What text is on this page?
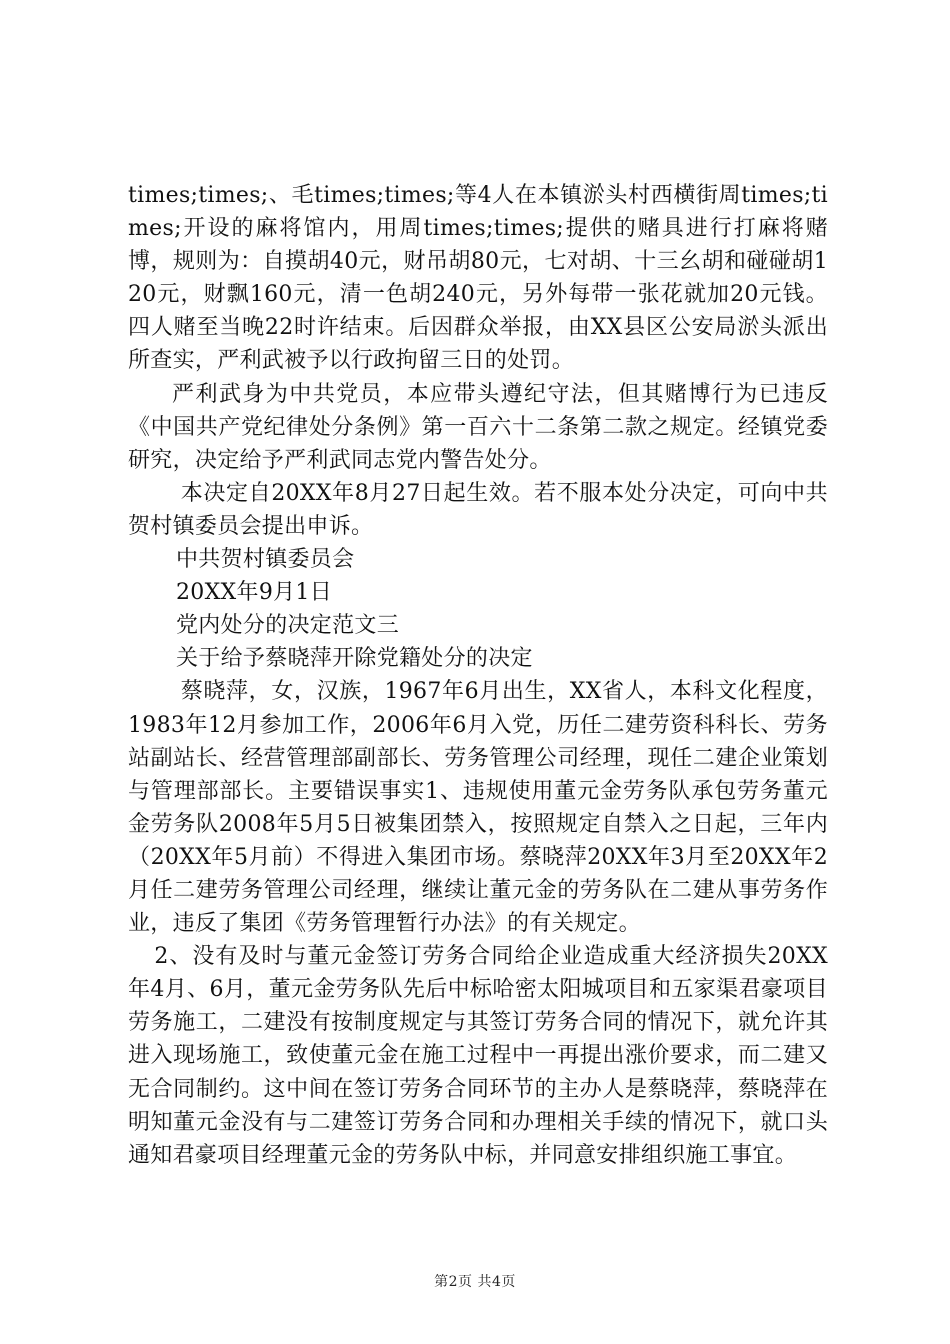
times;times;、毛times;times;等4人在本镇淤头村西横街周times;times;开设的麻将馆内，用周times;times;提供的赌具进行打麻将赌博，规则为：自摸胡40元，财吊胡80元，七对胡、十三幺胡和碰碰胡120元，财飘160元，清一色胡240元，另外每带一张花就加20元钱。四人赌至当晚22时许结束。后因群众举报，由XX县区公安局淤头派出所查实，严利武被予以行政拘留三日的处罚。

严利武身为中共党员，本应带头遵纪守法，但其赌博行为已违反《中国共产党纪律处分条例》第一百六十二条第二款之规定。经镇党委研究，决定给予严利武同志党内警告处分。

本决定自20XX年8月27日起生效。若不服本处分决定，可向中共贺村镇委员会提出申诉。

中共贺村镇委员会

20XX年9月1日

党内处分的决定范文三

关于给予蔡晓萍开除党籍处分的决定

蔡晓萍，女，汉族，1967年6月出生，XX省人，本科文化程度，1983年12月参加工作，2006年6月入党，历任二建劳资科科长、劳务站副站长、经营管理部副部长、劳务管理公司经理，现任二建企业策划与管理部部长。主要错误事实1、违规使用董元金劳务队承包劳务董元金劳务队2008年5月5日被集团禁入，按照规定自禁入之日起，三年内（20XX年5月前）不得进入集团市场。蔡晓萍20XX年3月至20XX年2月任二建劳务管理公司经理，继续让董元金的劳务队在二建从事劳务作业，违反了集团《劳务管理暂行办法》的有关规定。

2、没有及时与董元金签订劳务合同给企业造成重大经济损失20XX年4月、6月，董元金劳务队先后中标哈密太阳城项目和五家渠君豪项目劳务施工，二建没有按制度规定与其签订劳务合同的情况下，就允许其进入现场施工，致使董元金在施工过程中一再提出涨价要求，而二建又无合同制约。这中间在签订劳务合同环节的主办人是蔡晓萍，蔡晓萍在明知董元金没有与二建签订劳务合同和办理相关手续的情况下，就口头通知君豪项目经理董元金的劳务队中标，并同意安排组织施工事宜。

第2页 共4页
